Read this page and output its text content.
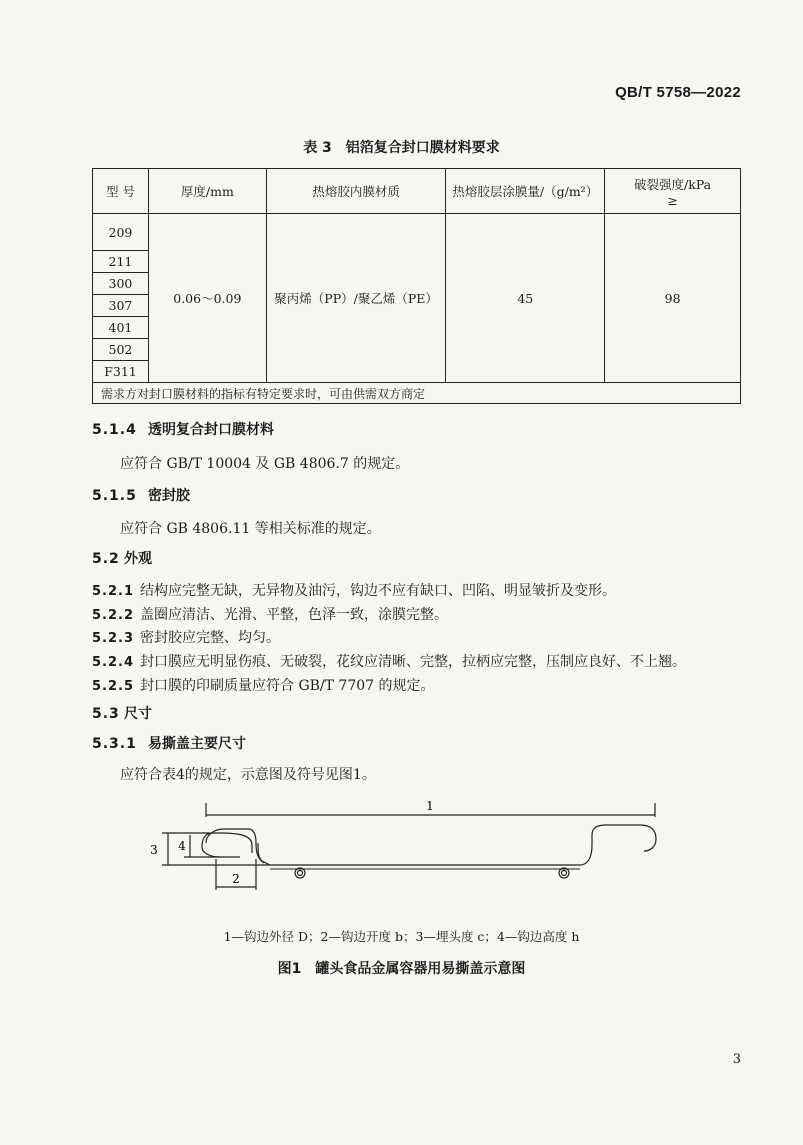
QB/T 5758—2022
表 3　铝箔复合封口膜材料要求
型 号	厚度/mm	热熔胶内膜材质	热熔胶层涂膜量/（g/m²）	破裂强度/kPa
≥

209	0.06～0.09	聚丙烯（PP）/聚乙烯（PE）	45	98
211				
300				
307				
401				
502				
F311				
需求方对封口膜材料的指标有特定要求时，可由供需双方商定				
5.1.4 透明复合封口膜材料
应符合 GB/T 10004 及 GB 4806.7 的规定。
5.1.5 密封胶
应符合 GB 4806.11 等相关标准的规定。
5.2 外观
5.2.1 结构应完整无缺，无异物及油污，钩边不应有缺口、凹陷、明显皱折及变形。
5.2.2 盖圈应清洁、光滑、平整，色泽一致，涂膜完整。
5.2.3 密封胶应完整、均匀。
5.2.4 封口膜应无明显伤痕、无破裂，花纹应清晰、完整，拉柄应完整，压制应良好、不上翘。
5.2.5 封口膜的印刷质量应符合 GB/T 7707 的规定。
5.3 尺寸
5.3.1 易撕盖主要尺寸
应符合表4的规定，示意图及符号见图1。
1
3 4
2
1—钩边外径 D；2—钩边开度 b；3—埋头度 c；4—钩边高度 h
图1　罐头食品金属容器用易撕盖示意图
3
